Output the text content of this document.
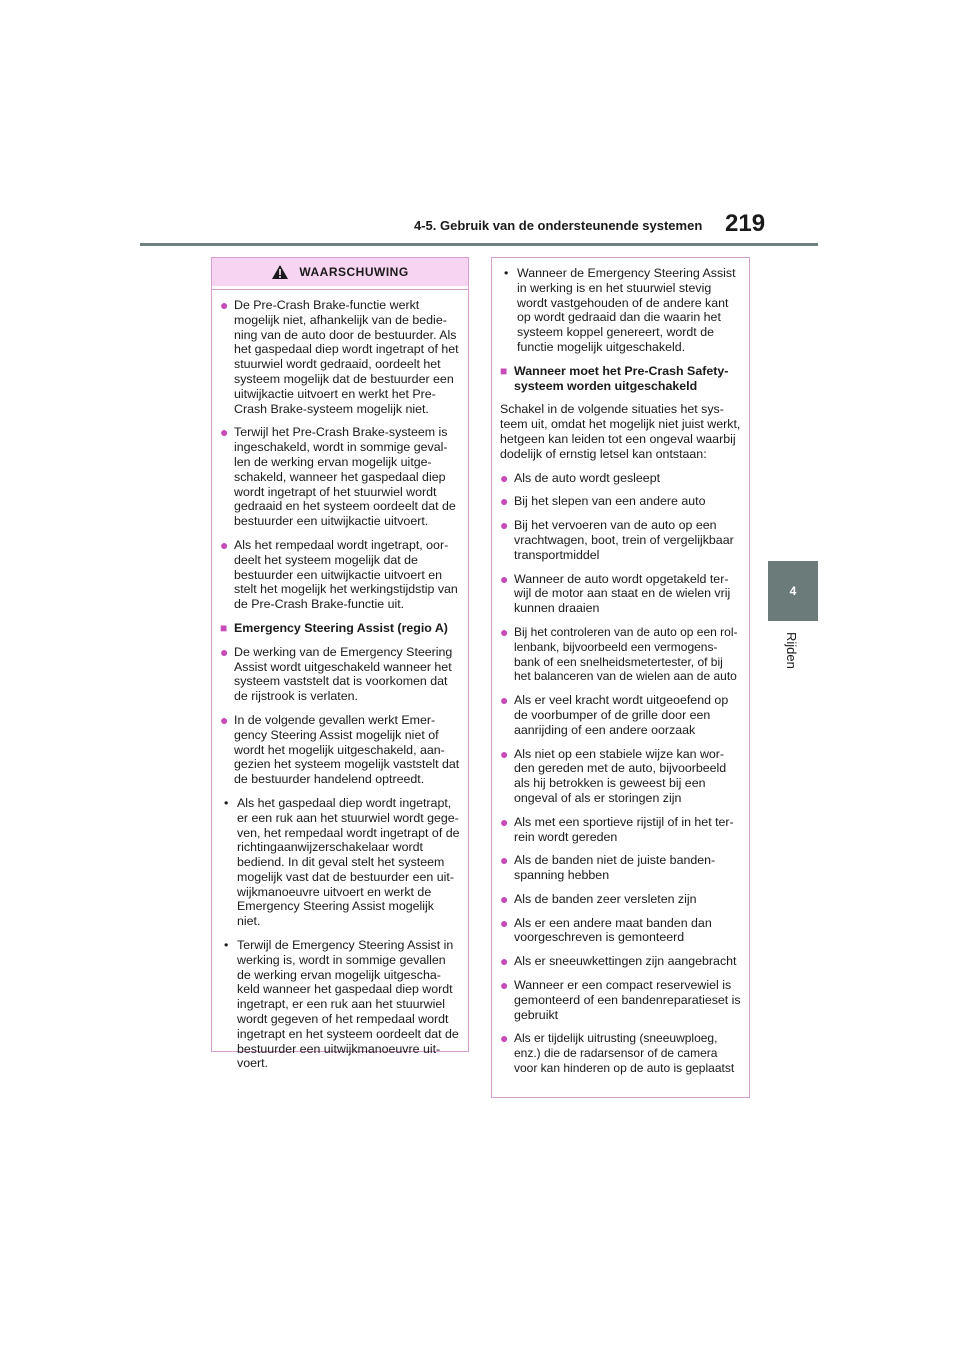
4-5. Gebruik van de ondersteunende systemen 219
4
Rijden
WAARSCHUWING
● De Pre-Crash Brake-functie werkt mogelijk niet, afhankelijk van de bedie-ning van de auto door de bestuurder. Als het gaspedaal diep wordt ingetrapt of het stuurwiel wordt gedraaid, oordeelt het systeem mogelijk dat de bestuurder een uitwijkactie uitvoert en werkt het Pre-Crash Brake-systeem mogelijk niet.
● Terwijl het Pre-Crash Brake-systeem is ingeschakeld, wordt in sommige geval-len de werking ervan mogelijk uitge-schakeld, wanneer het gaspedaal diep wordt ingetrapt of het stuurwiel wordt gedraaid en het systeem oordeelt dat de bestuurder een uitwijkactie uitvoert.
● Als het rempedaal wordt ingetrapt, oor-deelt het systeem mogelijk dat de bestuurder een uitwijkactie uitvoert en stelt het mogelijk het werkingstijdstip van de Pre-Crash Brake-functie uit.
■ Emergency Steering Assist (regio A)
● De werking van de Emergency Steering Assist wordt uitgeschakeld wanneer het systeem vaststelt dat is voorkomen dat de rijstrook is verlaten.
● In de volgende gevallen werkt Emer-gency Steering Assist mogelijk niet of wordt het mogelijk uitgeschakeld, aan-gezien het systeem mogelijk vaststelt dat de bestuurder handelend optreedt.
• Als het gaspedaal diep wordt ingetrapt, er een ruk aan het stuurwiel wordt gege-ven, het rempedaal wordt ingetrapt of de richtingaanwijzerschakelaar wordt bediend. In dit geval stelt het systeem mogelijk vast dat de bestuurder een uit-wijkmanoeuvre uitvoert en werkt de Emergency Steering Assist mogelijk niet.
• Terwijl de Emergency Steering Assist in werking is, wordt in sommige gevallen de werking ervan mogelijk uitgescha-keld wanneer het gaspedaal diep wordt ingetrapt, er een ruk aan het stuurwiel wordt gegeven of het rempedaal wordt ingetrapt en het systeem oordeelt dat de bestuurder een uitwijkmanoeuvre uit-voert.
• Wanneer de Emergency Steering Assist in werking is en het stuurwiel stevig wordt vastgehouden of de andere kant op wordt gedraaid dan die waarin het systeem koppel genereert, wordt de functie mogelijk uitgeschakeld.
■ Wanneer moet het Pre-Crash Safety-systeem worden uitgeschakeld
Schakel in de volgende situaties het sys-teem uit, omdat het mogelijk niet juist werkt, hetgeen kan leiden tot een ongeval waarbij dodelijk of ernstig letsel kan ontstaan:
● Als de auto wordt gesleept
● Bij het slepen van een andere auto
● Bij het vervoeren van de auto op een vrachtwagen, boot, trein of vergelijkbaar transportmiddel
● Wanneer de auto wordt opgetakeld ter-wijl de motor aan staat en de wielen vrij kunnen draaien
● Bij het controleren van de auto op een rol-lenbank, bijvoorbeeld een vermogens-bank of een snelheidsmetertester, of bij het balanceren van de wielen aan de auto
● Als er veel kracht wordt uitgeoefend op de voorbumper of de grille door een aanrijding of een andere oorzaak
● Als niet op een stabiele wijze kan wor-den gereden met de auto, bijvoorbeeld als hij betrokken is geweest bij een ongeval of als er storingen zijn
● Als met een sportieve rijstijl of in het ter-rein wordt gereden
● Als de banden niet de juiste banden-spanning hebben
● Als de banden zeer versleten zijn
● Als er een andere maat banden dan voorgeschreven is gemonteerd
● Als er sneeuwkettingen zijn aangebracht
● Wanneer er een compact reservewiel is gemonteerd of een bandenreparatieset is gebruikt
● Als er tijdelijk uitrusting (sneeuwploeg, enz.) die de radarsensor of de camera voor kan hinderen op de auto is geplaatst
